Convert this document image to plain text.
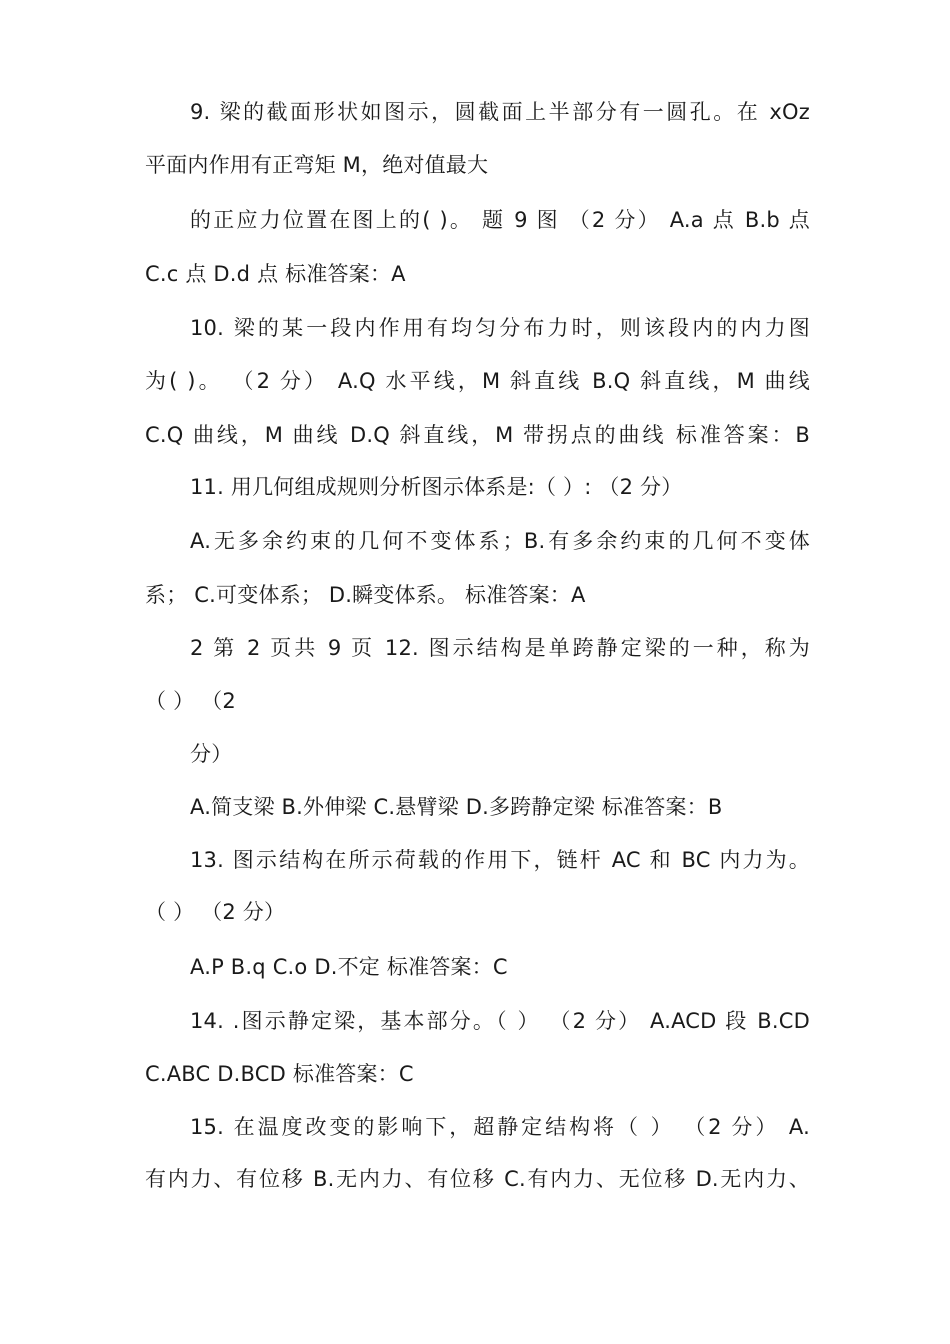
9. 梁的截面形状如图示，圆截面上半部分有一圆孔。在 xOz
平面内作用有正弯矩 M，绝对值最大
的正应力位置在图上的( )。 题 9 图 （2 分） A.a 点 B.b 点
C.c 点 D.d 点 标准答案：A
10. 梁的某一段内作用有均匀分布力时，则该段内的内力图
为( )。 （2 分） A.Q 水平线，M 斜直线 B.Q 斜直线，M 曲线
C.Q 曲线，M 曲线 D.Q 斜直线，M 带拐点的曲线 标准答案：B
11. 用几何组成规则分析图示体系是:（ ）: （2 分）
A.无多余约束的几何不变体系；B.有多余约束的几何不变体
系； C.可变体系； D.瞬变体系。 标准答案：A
2 第 2 页共 9 页 12. 图示结构是单跨静定梁的一种，称为
（ ） （2
分）
A.简支梁 B.外伸梁 C.悬臂梁 D.多跨静定梁 标准答案：B
13. 图示结构在所示荷载的作用下，链杆 AC 和 BC 内力为。
（ ） （2 分）
A.P B.q C.o D.不定 标准答案：C
14. .图示静定梁，基本部分。（ ） （2 分） A.ACD 段 B.CD
C.ABC D.BCD 标准答案：C
15. 在温度改变的影响下，超静定结构将（ ） （2 分） A.
有内力、有位移 B.无内力、有位移 C.有内力、无位移 D.无内力、
